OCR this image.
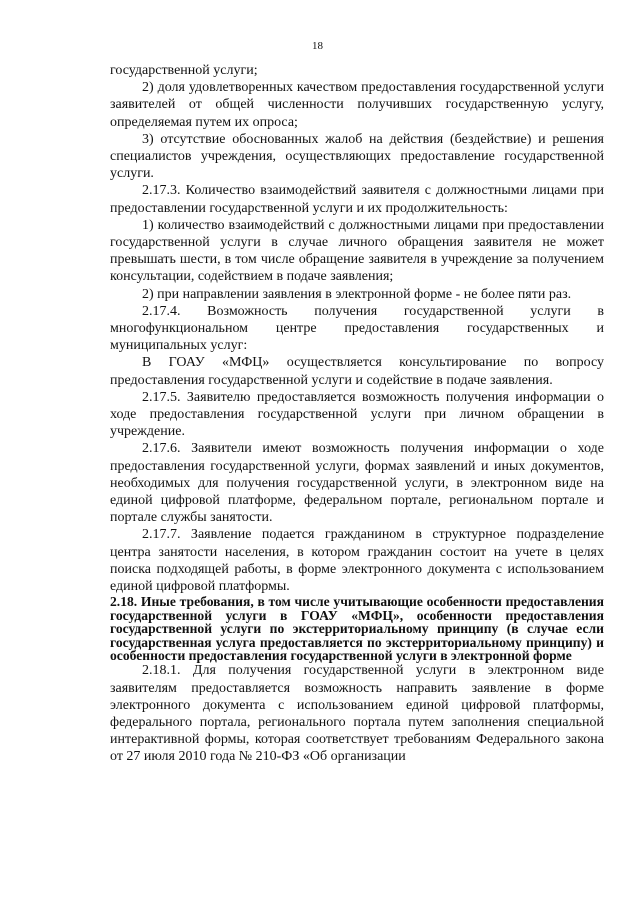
18

государственной услуги;

2) доля удовлетворенных качеством предоставления государственной услуги заявителей от общей численности получивших государственную услугу, определяемая путем их опроса;

3) отсутствие обоснованных жалоб на действия (бездействие) и решения специалистов учреждения, осуществляющих предоставление государственной услуги.

2.17.3. Количество взаимодействий заявителя с должностными лицами при предоставлении государственной услуги и их продолжительность:

1) количество взаимодействий с должностными лицами при предоставлении государственной услуги в случае личного обращения заявителя не может превышать шести, в том числе обращение заявителя в учреждение за получением консультации, содействием в подаче заявления;

2) при направлении заявления в электронной форме - не более пяти раз.

2.17.4. Возможность получения государственной услуги в многофункциональном центре предоставления государственных и муниципальных услуг:

В ГОАУ «МФЦ» осуществляется консультирование по вопросу предоставления государственной услуги и содействие в подаче заявления.

2.17.5. Заявителю предоставляется возможность получения информации о ходе предоставления государственной услуги при личном обращении в учреждение.

2.17.6. Заявители имеют возможность получения информации о ходе предоставления государственной услуги, формах заявлений и иных документов, необходимых для получения государственной услуги, в электронном виде на единой цифровой платформе, федеральном портале, региональном портале и портале службы занятости.

2.17.7. Заявление подается гражданином в структурное подразделение центра занятости населения, в котором гражданин состоит на учете в целях поиска подходящей работы, в форме электронного документа с использованием единой цифровой платформы.

2.18. Иные требования, в том числе учитывающие особенности предоставления государственной услуги в ГОАУ «МФЦ», особенности предоставления государственной услуги по экстерриториальному принципу (в случае если государственная услуга предоставляется по экстерриториальному принципу) и особенности предоставления государственной услуги в электронной форме

2.18.1. Для получения государственной услуги в электронном виде заявителям предоставляется возможность направить заявление в форме электронного документа с использованием единой цифровой платформы, федерального портала, регионального портала путем заполнения специальной интерактивной формы, которая соответствует требованиям Федерального закона от 27 июля 2010 года № 210-ФЗ «Об организации
